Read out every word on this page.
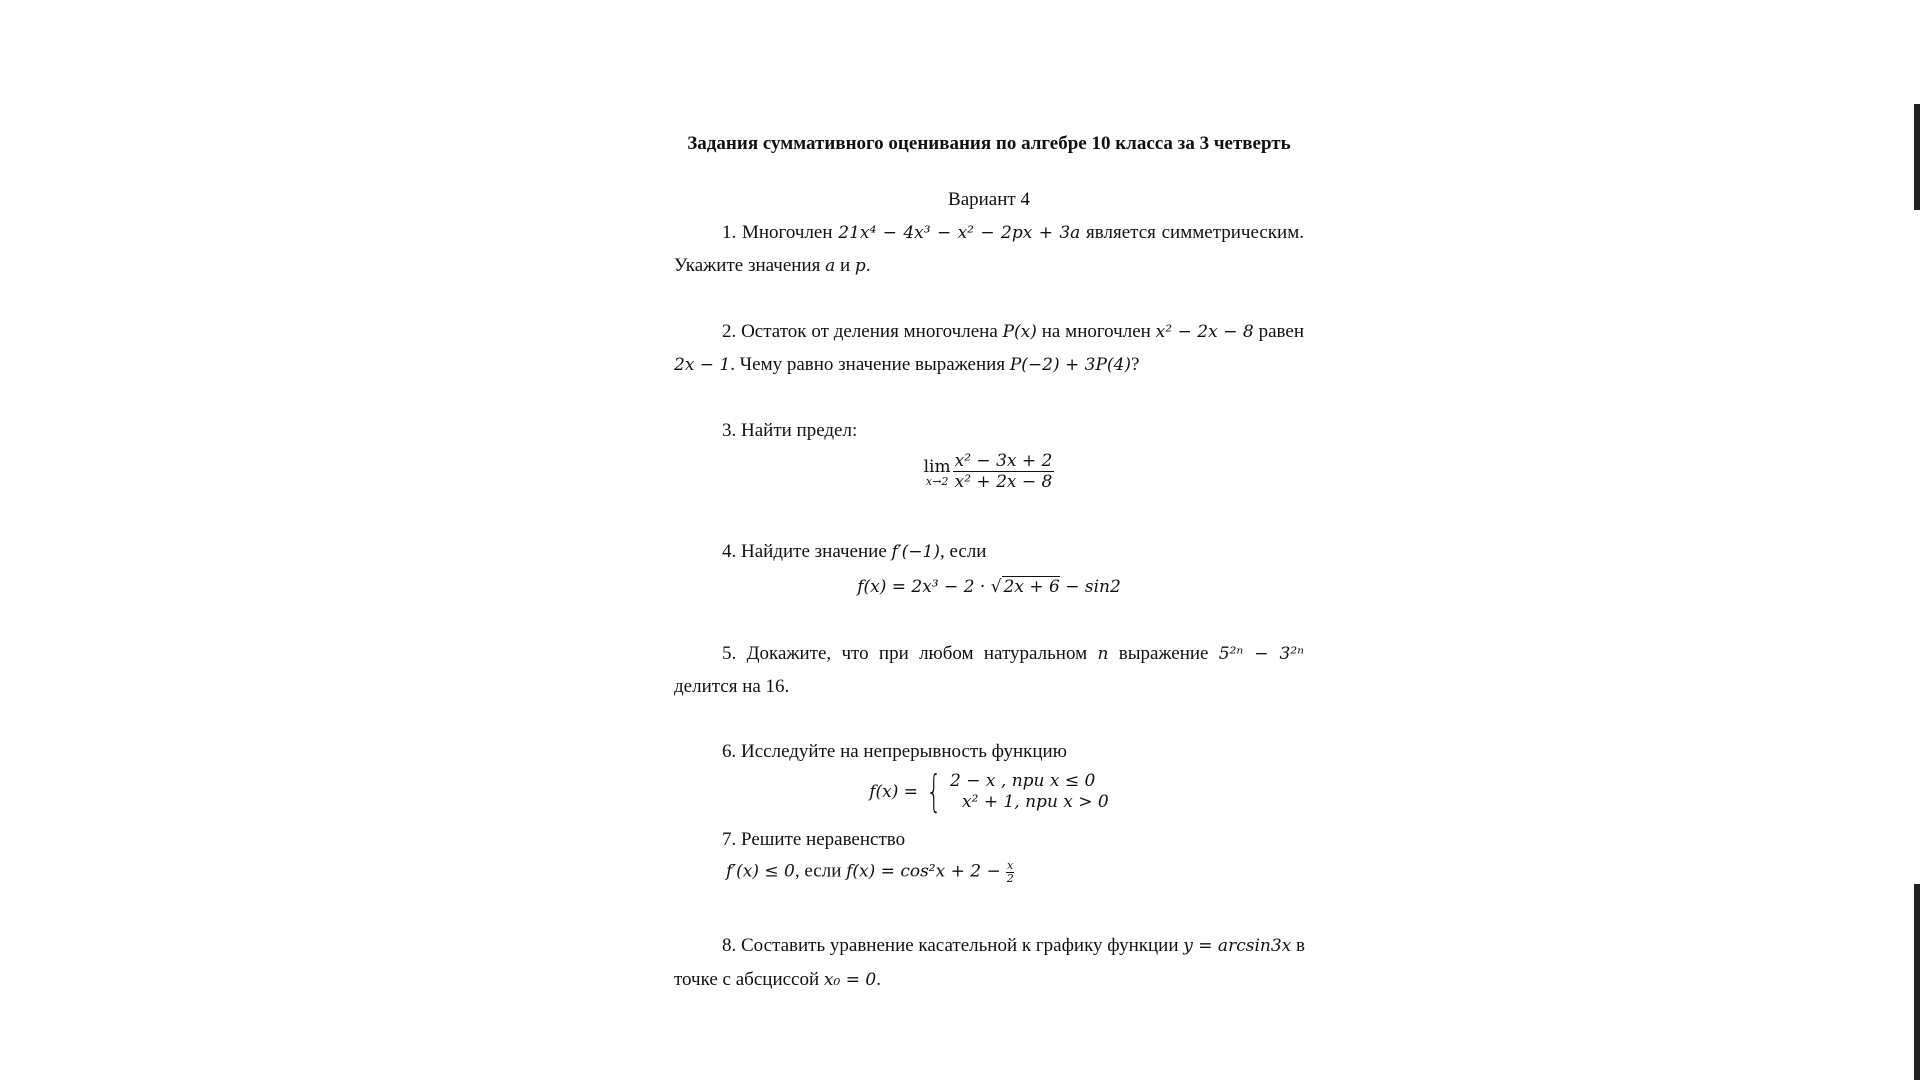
Задания суммативного оценивания по алгебре 10 класса за 3 четверть
Вариант 4
1. Многочлен 21x⁴ − 4x³ − x² − 2px + 3a является симметрическим.
Укажите значения a и p.
2. Остаток от деления многочлена P(x) на многочлен x² − 2x − 8 равен
2x − 1. Чему равно значение выражения P(−2) + 3P(4)?
3. Найти предел:
lim
$x\to 2 \frac{\text{x² − 3x + 2}}{\text{x² + 2x − 8}}$
4. Найдите значение f′(−1), если
f(x) = 2x³ − 2 · √ 2x + 6 − sin2
5. Докажите, что при любом натуральном n выражение 5²ⁿ − 3²ⁿ
делится на 16.
6. Исследуйте на непрерывность функцию
f(x) = { 2 − x , при x ≤ 0
x² + 1, при x > 0
7. Решите неравенство
f′(x) ≤ 0, если $f(x) = \cos^2x + 2 - \frac{x}{2}$
8. Составить уравнение касательной к графику функции y = arcsin3x в
точке с абсциссой x₀ = 0.
